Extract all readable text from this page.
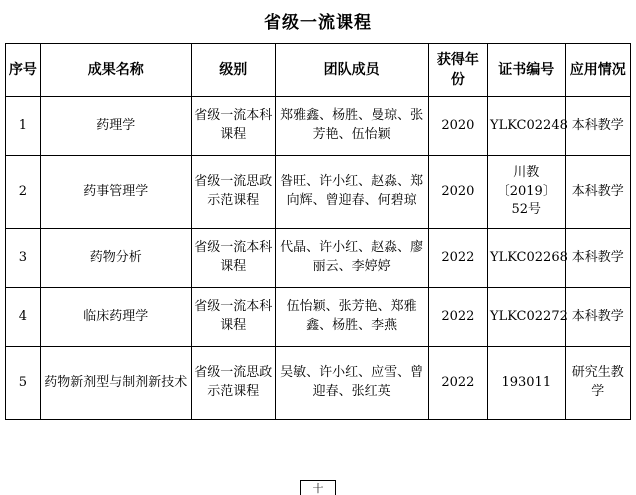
省级一流课程
序号	成果名称	级别	团队成员	获得年份	证书编号	应用情况
1	药理学	省级一流本科课程	郑雅鑫、杨胜、曼琼、张芳艳、伍怡颖	2020	YLKC02248	本科教学
2	药事管理学	省级一流思政示范课程	昝旺、许小红、赵淼、郑向辉、曾迎春、何碧琼	2020	川教〔2019〕52号	本科教学
3	药物分析	省级一流本科课程	代晶、许小红、赵淼、廖丽云、李婷婷	2022	YLKC02268	本科教学
4	临床药理学	省级一流本科课程	伍怡颖、张芳艳、郑雅鑫、杨胜、李燕	2022	YLKC02272	本科教学
5	药物新剂型与制剂新技术	省级一流思政示范课程	吴敏、许小红、应雪、曾迎春、张红英	2022	193011	研究生教学
十
